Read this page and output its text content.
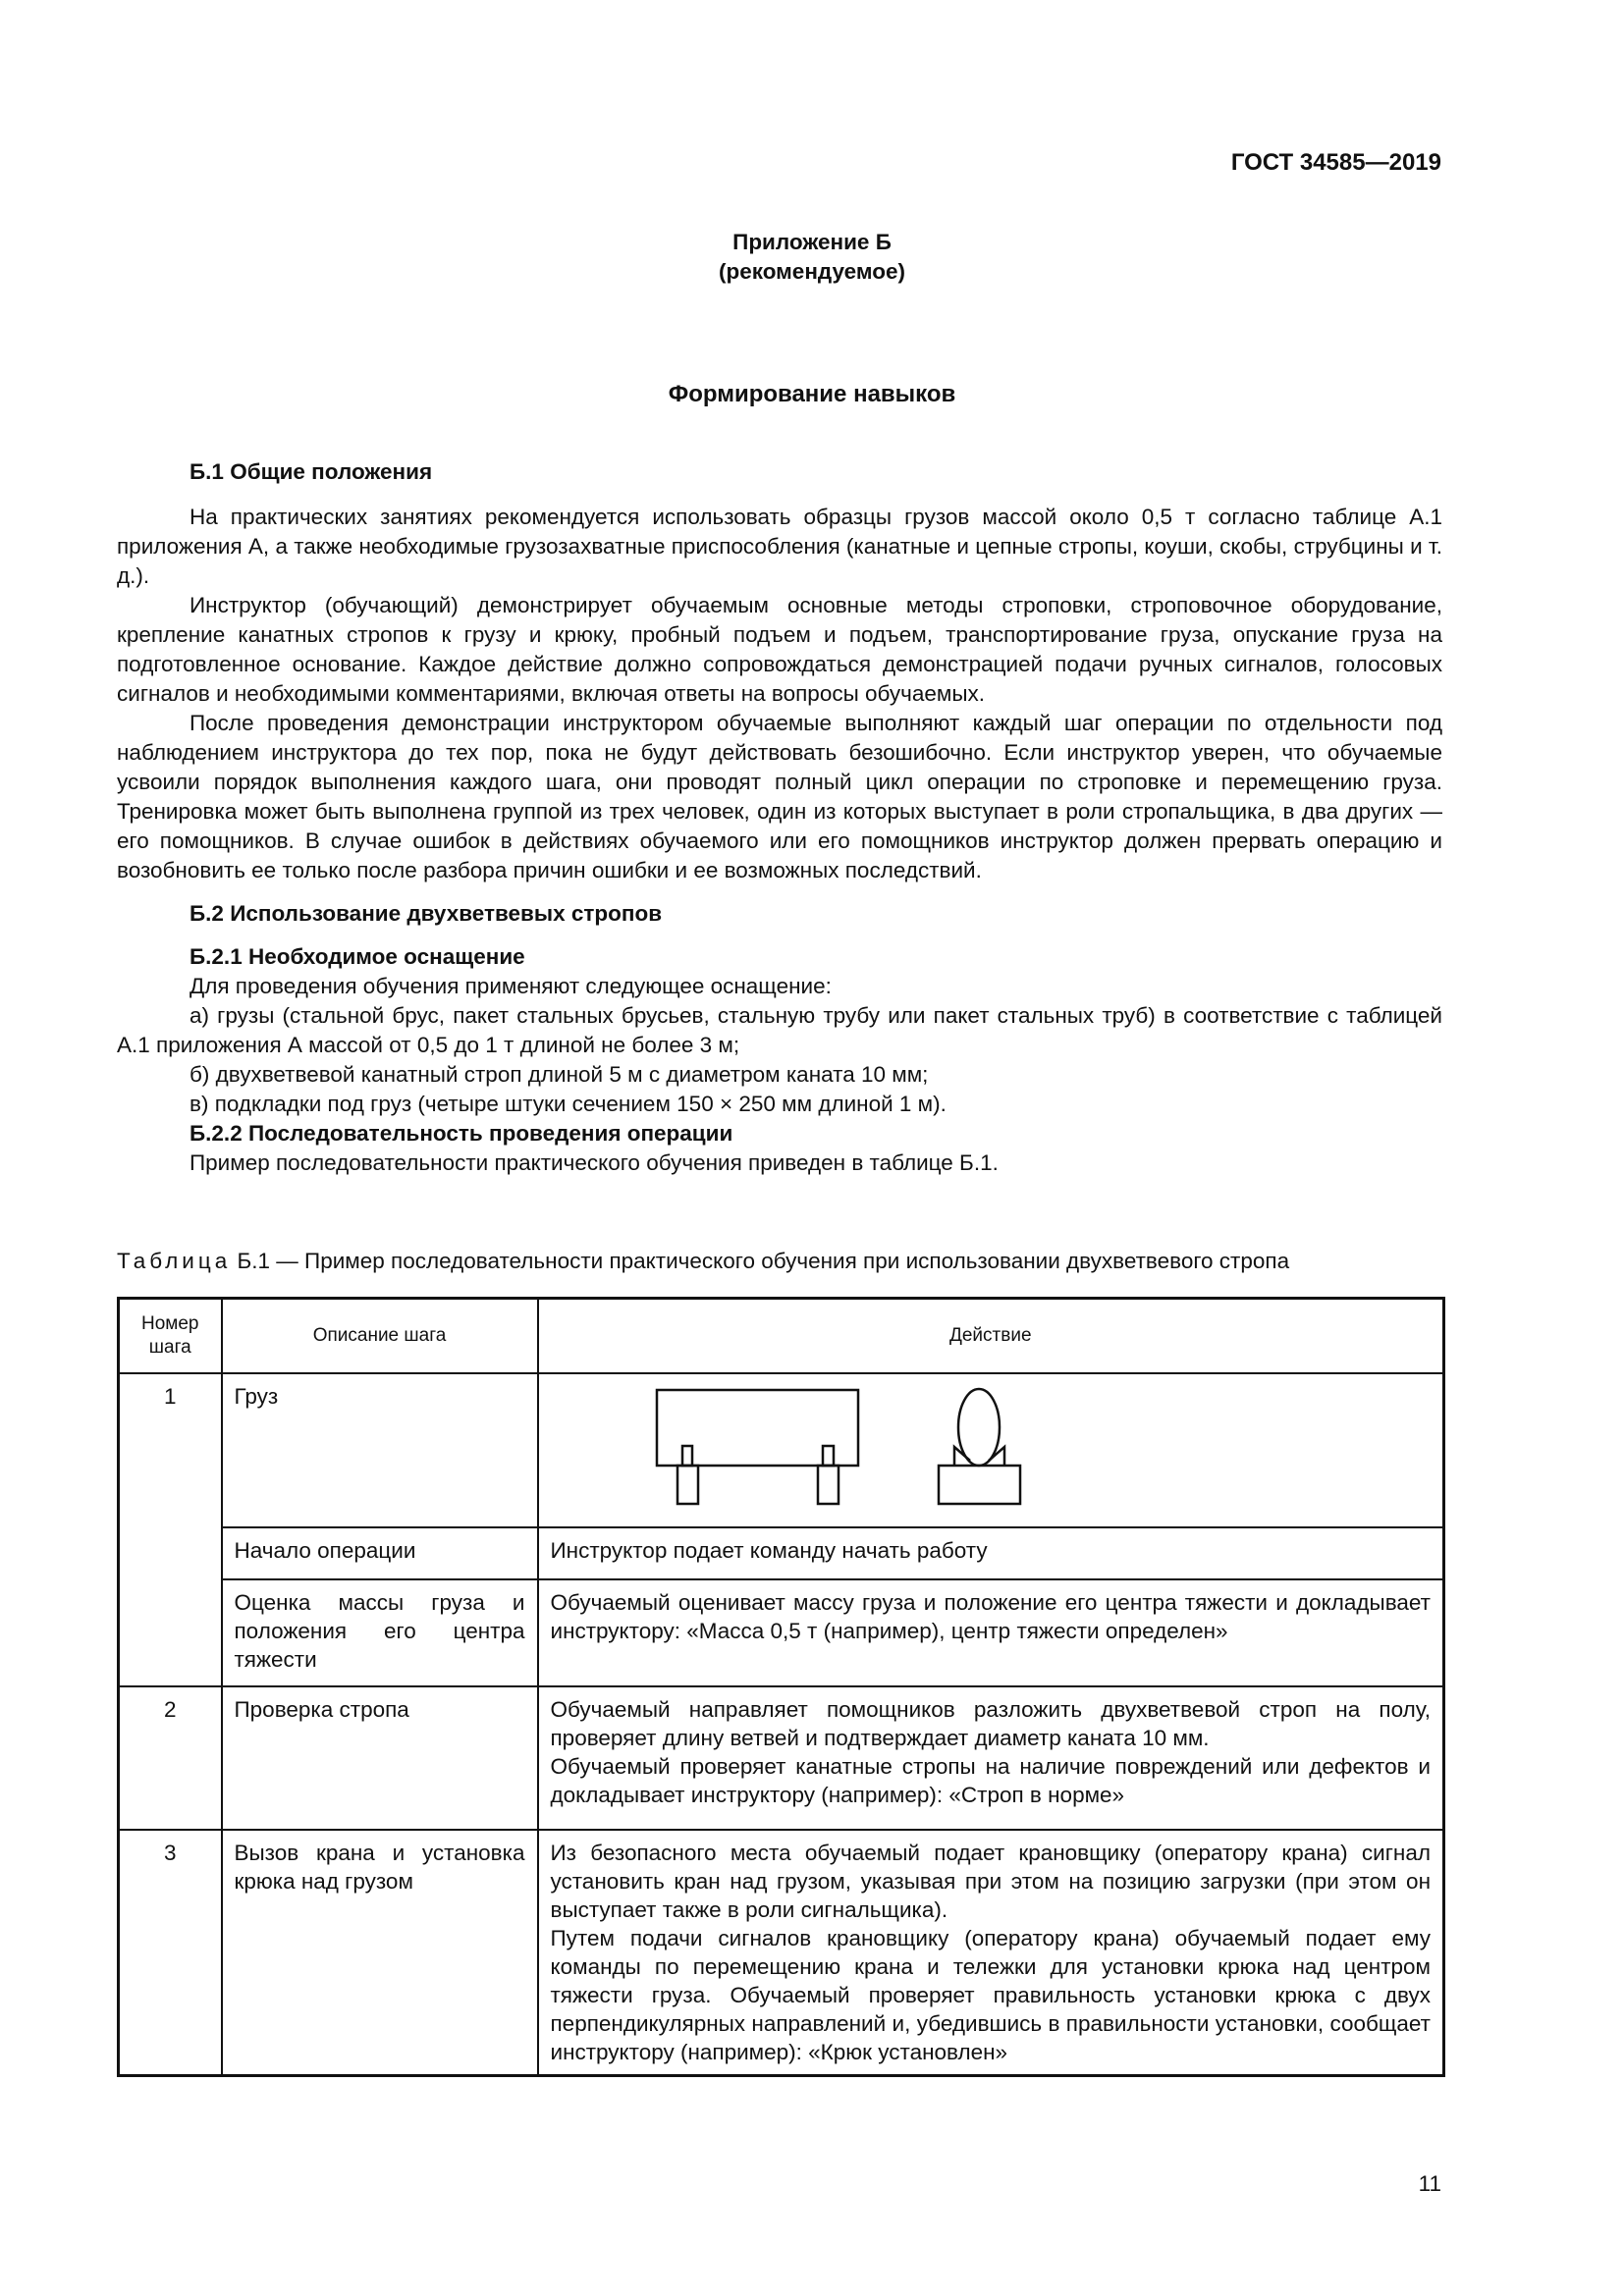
ГОСТ 34585—2019
Приложение Б
(рекомендуемое)
Формирование навыков

Б.1 Общие положения

На практических занятиях рекомендуется использовать образцы грузов массой около 0,5 т согласно таблице А.1 приложения А, а также необходимые грузозахватные приспособления (канатные и цепные стропы, коуши, скобы, струбцины и т. д.).

Инструктор (обучающий) демонстрирует обучаемым основные методы строповки, строповочное оборудование, крепление канатных стропов к грузу и крюку, пробный подъем и подъем, транспортирование груза, опускание груза на подготовленное основание. Каждое действие должно сопровождаться демонстрацией подачи ручных сигналов, голосовых сигналов и необходимыми комментариями, включая ответы на вопросы обучаемых.

После проведения демонстрации инструктором обучаемые выполняют каждый шаг операции по отдельности под наблюдением инструктора до тех пор, пока не будут действовать безошибочно. Если инструктор уверен, что обучаемые усвоили порядок выполнения каждого шага, они проводят полный цикл операции по строповке и перемещению груза. Тренировка может быть выполнена группой из трех человек, один из которых выступает в роли стропальщика, в два других — его помощников. В случае ошибок в действиях обучаемого или его помощников инструктор должен прервать операцию и возобновить ее только после разбора причин ошибки и ее возможных последствий.

Б.2 Использование двухветвевых стропов

Б.2.1 Необходимое оснащение

Для проведения обучения применяют следующее оснащение:

а) грузы (стальной брус, пакет стальных брусьев, стальную трубу или пакет стальных труб) в соответствие с таблицей А.1 приложения А массой от 0,5 до 1 т длиной не более 3 м;

б) двухветвевой канатный строп длиной 5 м с диаметром каната 10 мм;

в) подкладки под груз (четыре штуки сечением 150 × 250 мм длиной 1 м).

Б.2.2 Последовательность проведения операции

Пример последовательности практического обучения приведен в таблице Б.1.

Таблица Б.1 — Пример последовательности практического обучения при использовании двухветвевого стропа
Номер шага	Описание шага	Действие
1	Груз	

	Начало операции	Инструктор подает команду начать работу
	Оценка массы груза и положения его центра тяжести	Обучаемый оценивает массу груза и положение его центра тяжести и докладывает инструктору: «Масса 0,5 т (например), центр тяжести определен»
2	Проверка стропа	Обучаемый направляет помощников разложить двухветвевой строп на полу, проверяет длину ветвей и подтверждает диаметр каната 10 мм.
Обучаемый проверяет канатные стропы на наличие повреждений или дефектов и докладывает инструктору (например): «Строп в норме»

3	Вызов крана и установка крюка над грузом	Из безопасного места обучаемый подает крановщику (оператору крана) сигнал установить кран над грузом, указывая при этом на позицию загрузки (при этом он выступает также в роли сигнальщика).
Путем подачи сигналов крановщику (оператору крана) обучаемый подает ему команды по перемещению крана и тележки для установки крюка над центром тяжести груза. Обучаемый проверяет правильность установки крюка с двух перпендикулярных направлений и, убедившись в правильности установки, сообщает инструктору (например): «Крюк установлен»
11
